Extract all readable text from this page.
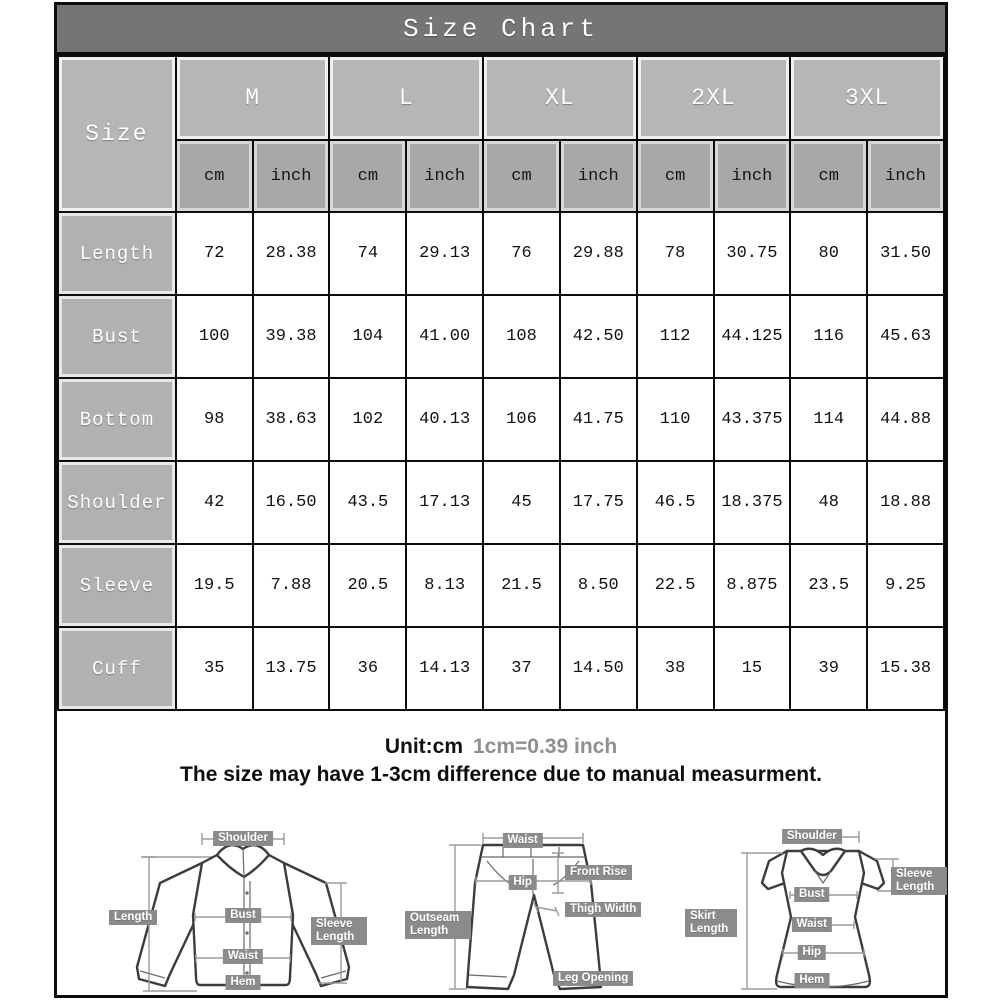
Size Chart
Size	M		L		XL		2XL		3XL	
	cm	inch	cm	inch	cm	inch	cm	inch	cm	inch
Length	72	28.38	74	29.13	76	29.88	78	30.75	80	31.50
Bust	100	39.38	104	41.00	108	42.50	112	44.125	116	45.63
Bottom	98	38.63	102	40.13	106	41.75	110	43.375	114	44.88
Shoulder	42	16.50	43.5	17.13	45	17.75	46.5	18.375	48	18.88
Sleeve	19.5	7.88	20.5	8.13	21.5	8.50	22.5	8.875	23.5	9.25
Cuff	35	13.75	36	14.13	37	14.50	38	15	39	15.38
Unit:cm 1cm=0.39 inch
The size may have 1-3cm difference due to manual measurment.
Shoulder
Length	Bust
Waist
Hem
Sleeve Length
Waist
Hip
Front Rise
Thigh Width
Outseam Length
Leg Opening
Shoulder
Sleeve Length
Bust
Waist
Hip
Hem
Skirt Length
